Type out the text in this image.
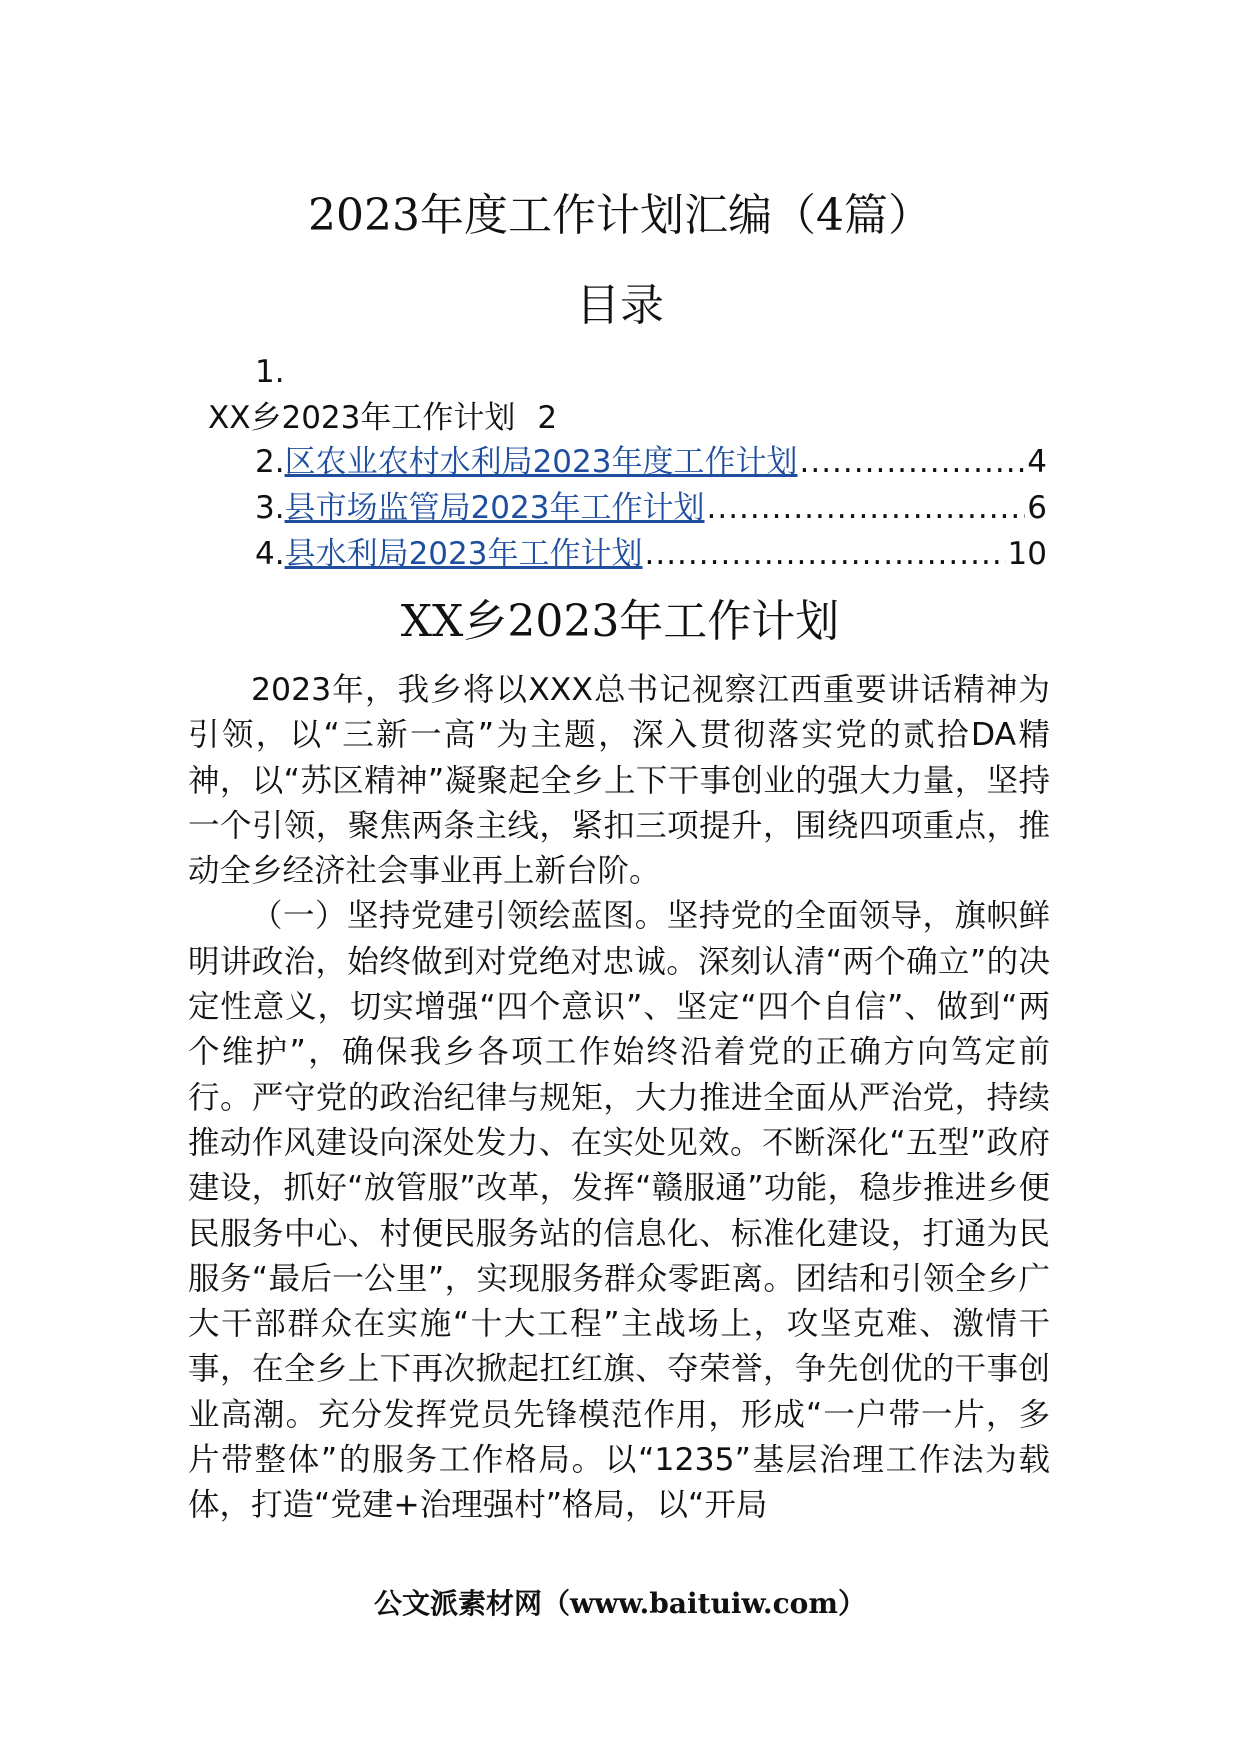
2023年度工作计划汇编（4篇）
目录
1.
XX乡2023年工作计划 2
2. 区农业农村水利局2023年度工作计划 .....	4
3. 县市场监管局2023年工作计划 .....	6
4. 县水利局2023年工作计划 .....	10
XX乡2023年工作计划

2023年，我乡将以XXX总书记视察江西重要讲话精神为引领，以“三新一高”为主题，深入贯彻落实党的贰拾DA精神，以“苏区精神”凝聚起全乡上下干事创业的强大力量，坚持一个引领，聚焦两条主线，紧扣三项提升，围绕四项重点，推动全乡经济社会事业再上新台阶。

（一）坚持党建引领绘蓝图。坚持党的全面领导，旗帜鲜明讲政治，始终做到对党绝对忠诚。深刻认清“两个确立”的决定性意义，切实增强“四个意识”、坚定“四个自信”、做到“两个维护”，确保我乡各项工作始终沿着党的正确方向笃定前行。严守党的政治纪律与规矩，大力推进全面从严治党，持续推动作风建设向深处发力、在实处见效。不断深化“五型”政府建设，抓好“放管服”改革，发挥“赣服通”功能，稳步推进乡便民服务中心、村便民服务站的信息化、标准化建设，打通为民服务“最后一公里”，实现服务群众零距离。团结和引领全乡广大干部群众在实施“十大工程”主战场上，攻坚克难、激情干事，在全乡上下再次掀起扛红旗、夺荣誉，争先创优的干事创业高潮。充分发挥党员先锋模范作用，形成“一户带一片，多片带整体”的服务工作格局。以“1235”基层治理工作法为载体，打造“党建+治理强村”格局，以“开局

公文派素材网（www.baituiw.com）
